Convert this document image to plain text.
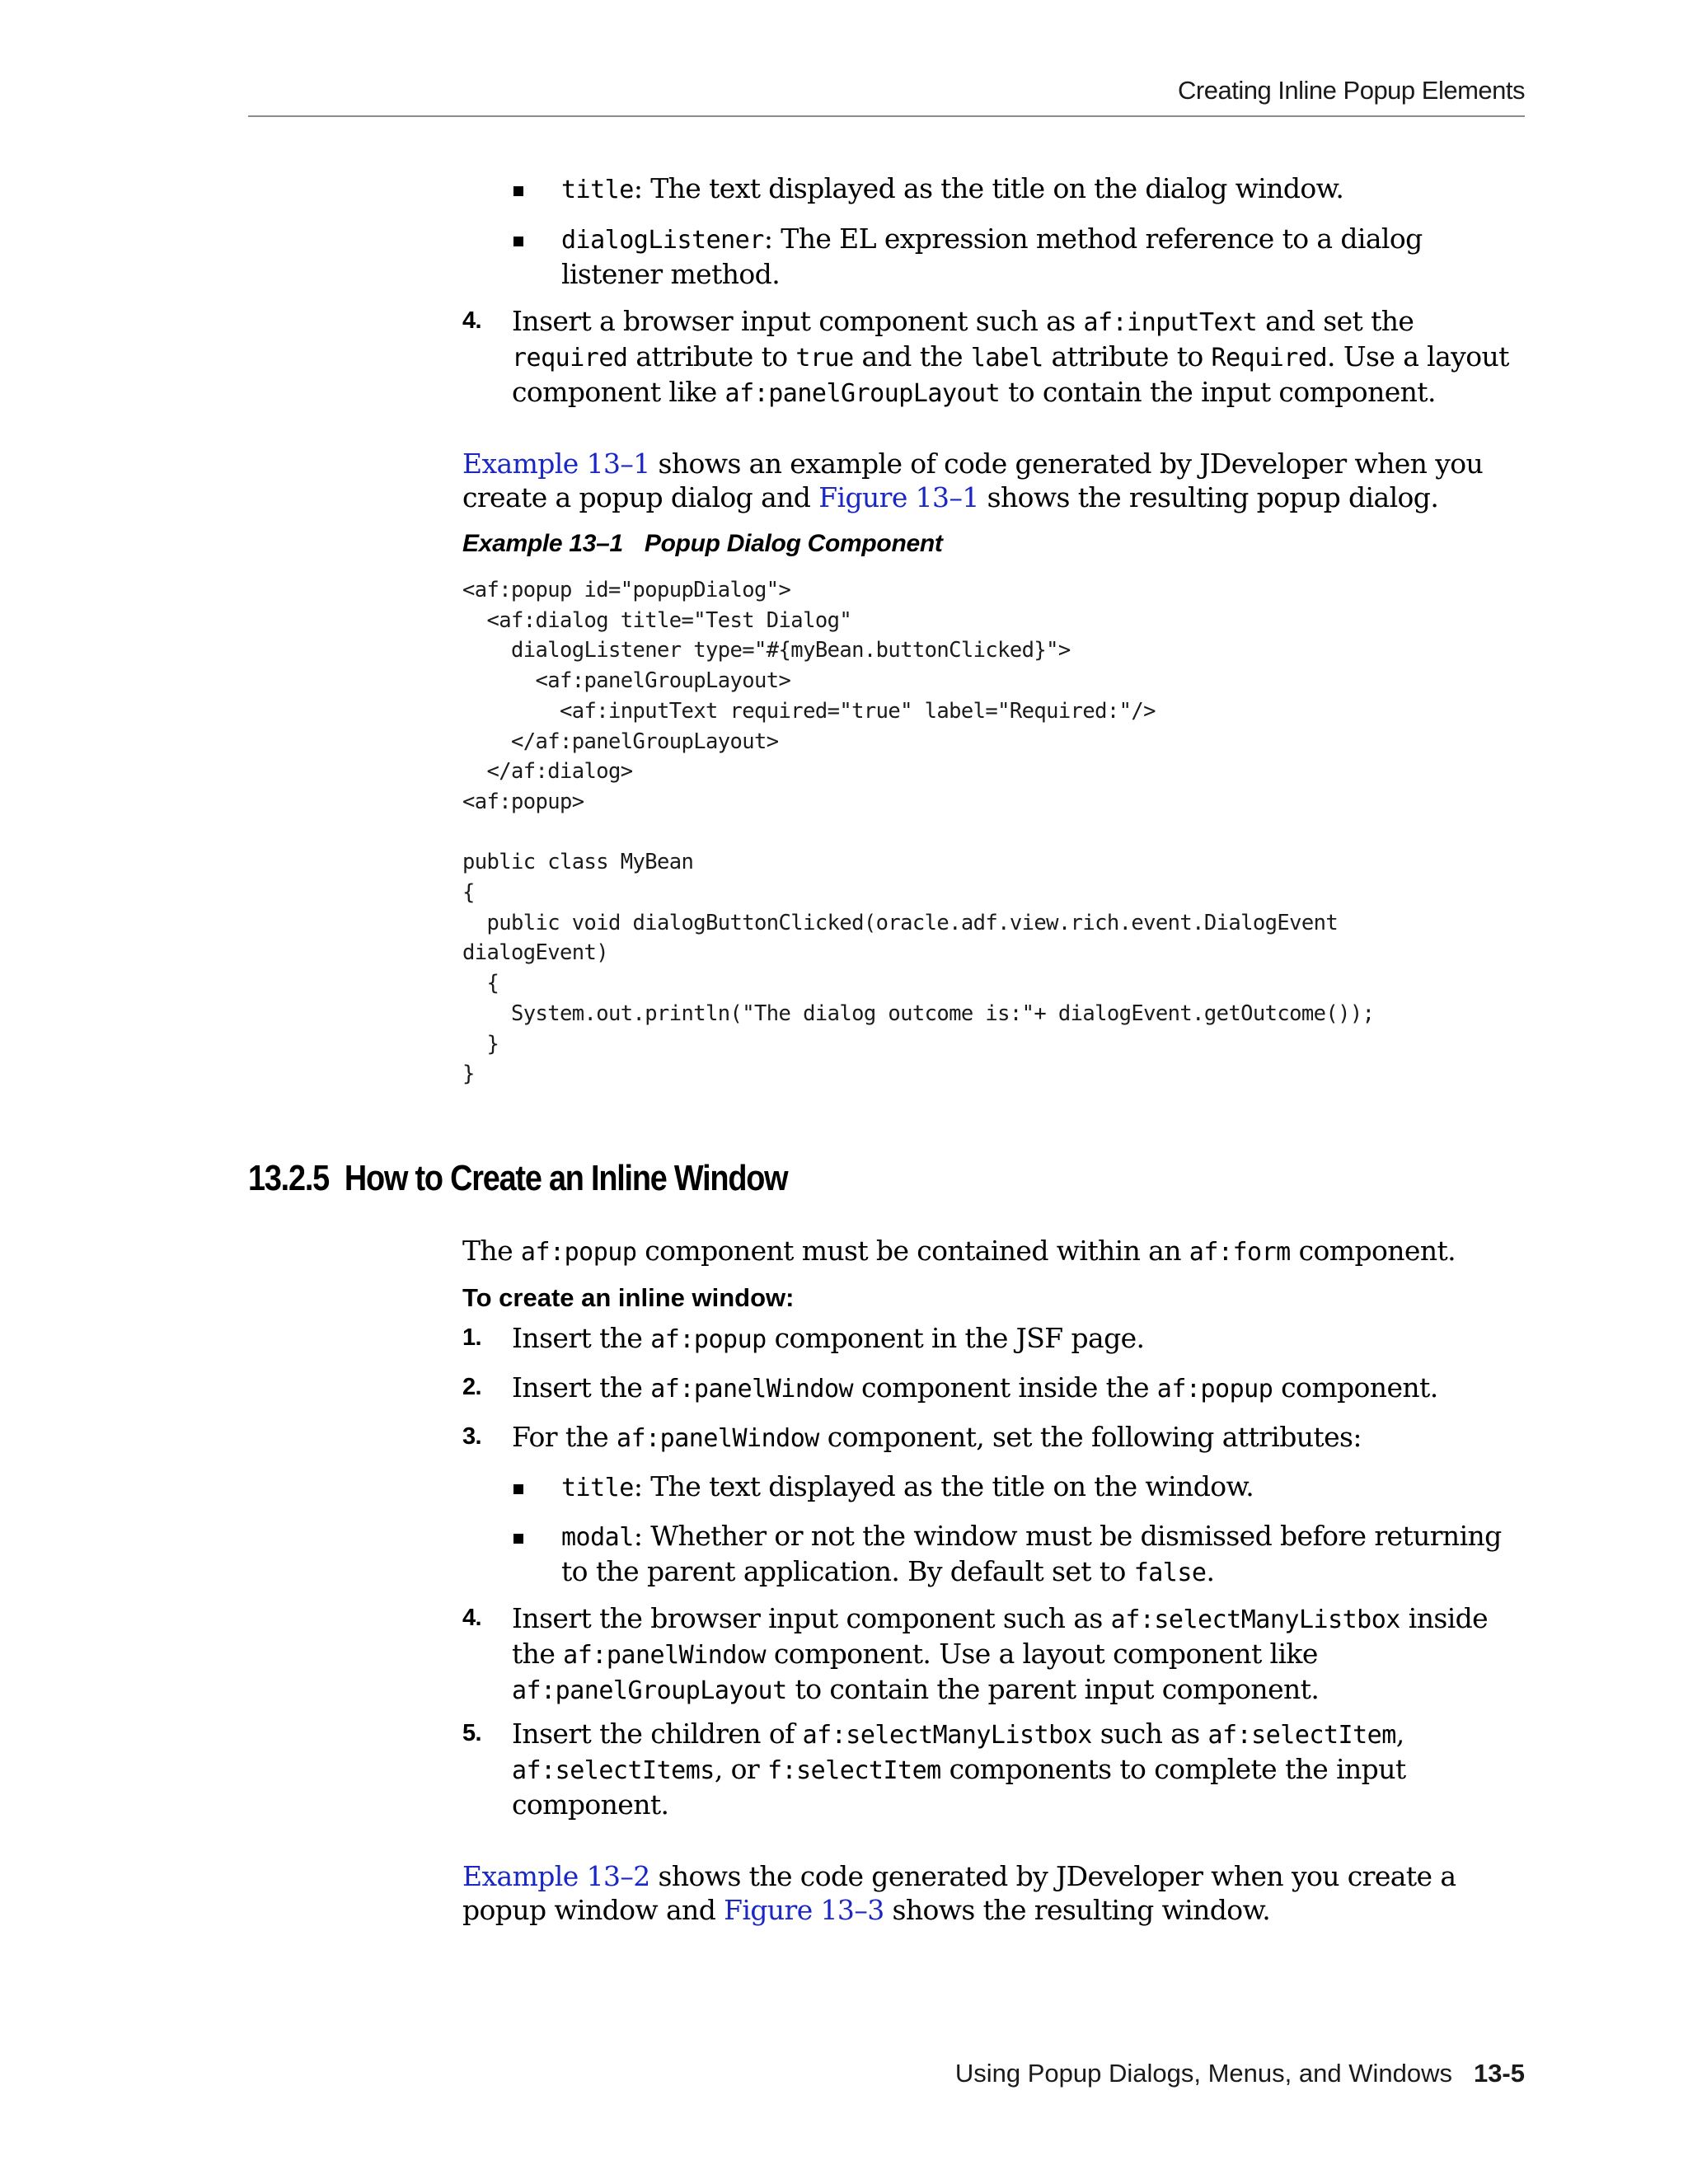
Creating Inline Popup Elements

title: The text displayed as the title on the dialog window.

dialogListener: The EL expression method reference to a dialog listener method.

4. Insert a browser input component such as af:inputText and set the required attribute to true and the label attribute to Required. Use a layout component like af:panelGroupLayout to contain the input component.

Example 13–1 shows an example of code generated by JDeveloper when you create a popup dialog and Figure 13–1 shows the resulting popup dialog.

Example 13–1 Popup Dialog Component
<af:popup id="popupDialog">
<af:dialog title="Test Dialog"
dialogListener type="#{myBean.buttonClicked}">
<af:panelGroupLayout>
<af:inputText required="true" label="Required:"/>
</af:panelGroupLayout>
</af:dialog>
<af:popup>

public class MyBean
{
public void dialogButtonClicked(oracle.adf.view.rich.event.DialogEvent
dialogEvent)
{
System.out.println("The dialog outcome is:"+ dialogEvent.getOutcome());
}
}
13.2.5 How to Create an Inline Window

The af:popup component must be contained within an af:form component.

To create an inline window:
1. Insert the af:popup component in the JSF page.

2. Insert the af:panelWindow component inside the af:popup component.

3. For the af:panelWindow component, set the following attributes:

title: The text displayed as the title on the window.

modal: Whether or not the window must be dismissed before returning to the parent application. By default set to false.

4. Insert the browser input component such as af:selectManyListbox inside the af:panelWindow component. Use a layout component like af:panelGroupLayout to contain the parent input component.

5. Insert the children of af:selectManyListbox such as af:selectItem, af:selectItems, or f:selectItem components to complete the input component.

Example 13–2 shows the code generated by JDeveloper when you create a popup window and Figure 13–3 shows the resulting window.

Using Popup Dialogs, Menus, and Windows 13-5
